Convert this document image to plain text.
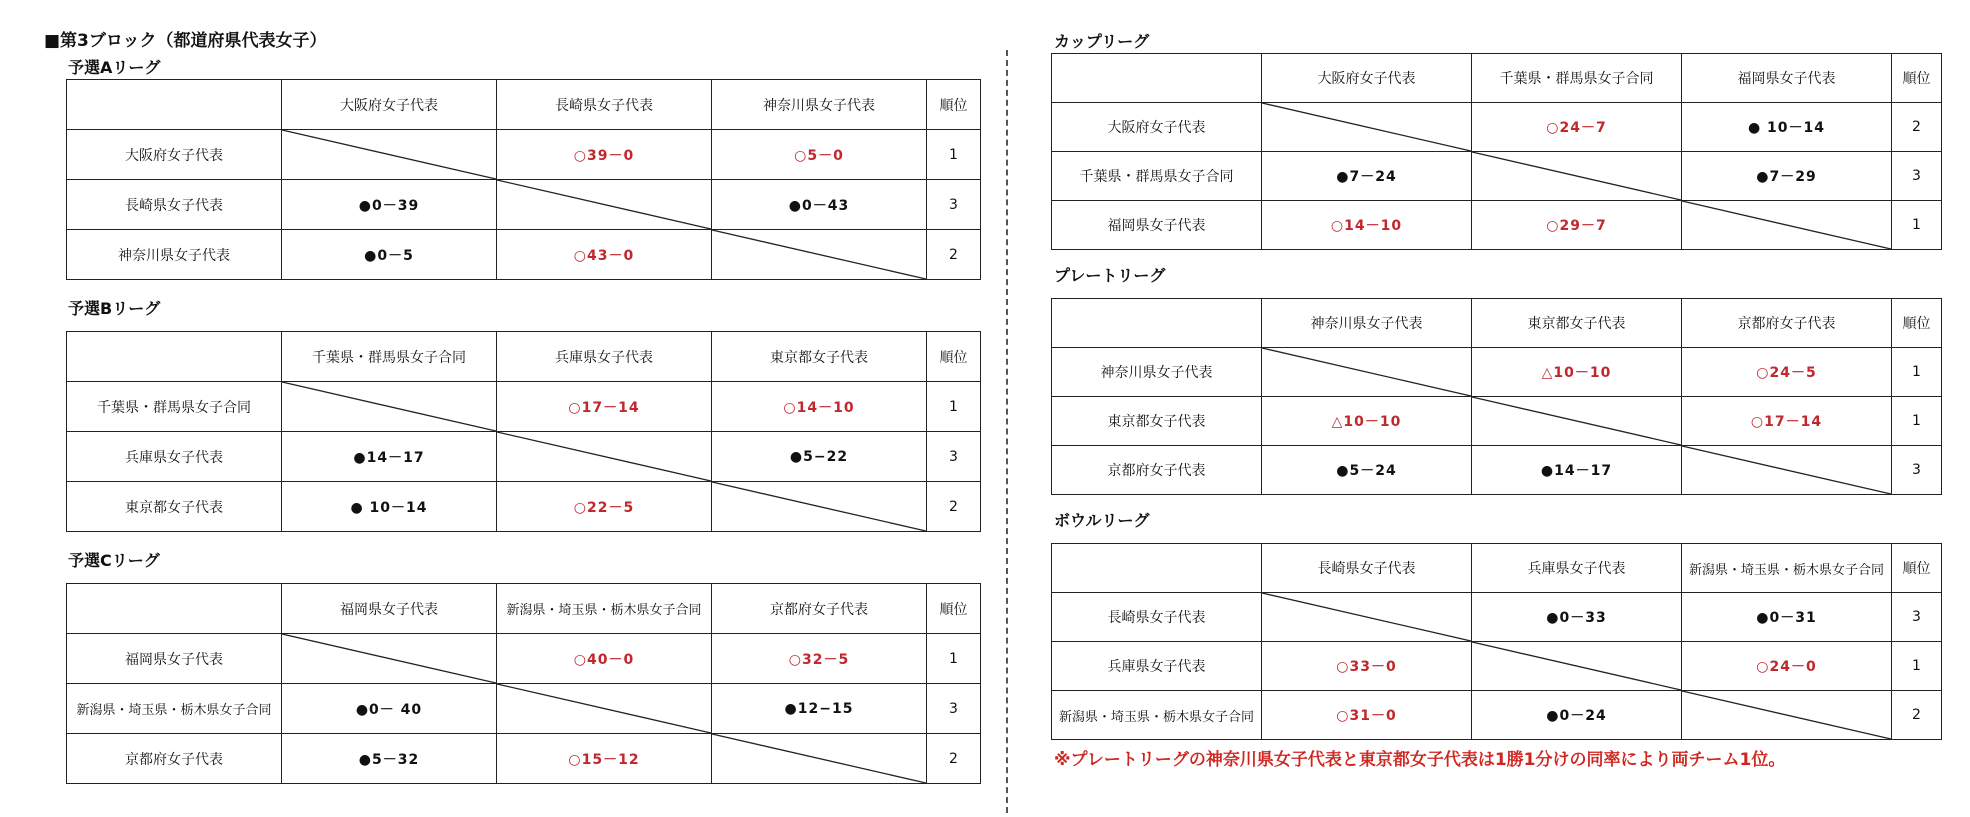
■第3ブロック（都道府県代表女子）
予選Aリーグ
	大阪府女子代表	長崎県女子代表	神奈川県女子代表	順位
大阪府女子代表		○39－0	○5－0	1
長崎県女子代表	●0－39		●0－43	3
神奈川県女子代表	●0－5	○43－0		2
予選Bリーグ
	千葉県・群馬県女子合同	兵庫県女子代表	東京都女子代表	順位
千葉県・群馬県女子合同		○17－14	○14－10	1
兵庫県女子代表	●14－17		●5−22	3
東京都女子代表	● 10－14	○22－5		2
予選Cリーグ
	福岡県女子代表	新潟県・埼玉県・栃木県女子合同	京都府女子代表	順位
福岡県女子代表		○40－0	○32－5	1
新潟県・埼玉県・栃木県女子合同	●0－ 40		●12−15	3
京都府女子代表	●5－32	○15－12		2
カップリーグ
	大阪府女子代表	千葉県・群馬県女子合同	福岡県女子代表	順位
大阪府女子代表		○24－7	● 10－14	2
千葉県・群馬県女子合同	●7－24		●7－29	3
福岡県女子代表	○14－10	○29－7		1
プレートリーグ
	神奈川県女子代表	東京都女子代表	京都府女子代表	順位
神奈川県女子代表		△10－10	○24－5	1
東京都女子代表	△10－10		○17－14	1
京都府女子代表	●5－24	●14－17		3
ボウルリーグ
	長崎県女子代表	兵庫県女子代表	新潟県・埼玉県・栃木県女子合同	順位
長崎県女子代表		●0－33	●0－31	3
兵庫県女子代表	○33－0		○24－0	1
新潟県・埼玉県・栃木県女子合同	○31－0	●0－24		2
※プレートリーグの神奈川県女子代表と東京都女子代表は1勝1分けの同率により両チーム1位。
